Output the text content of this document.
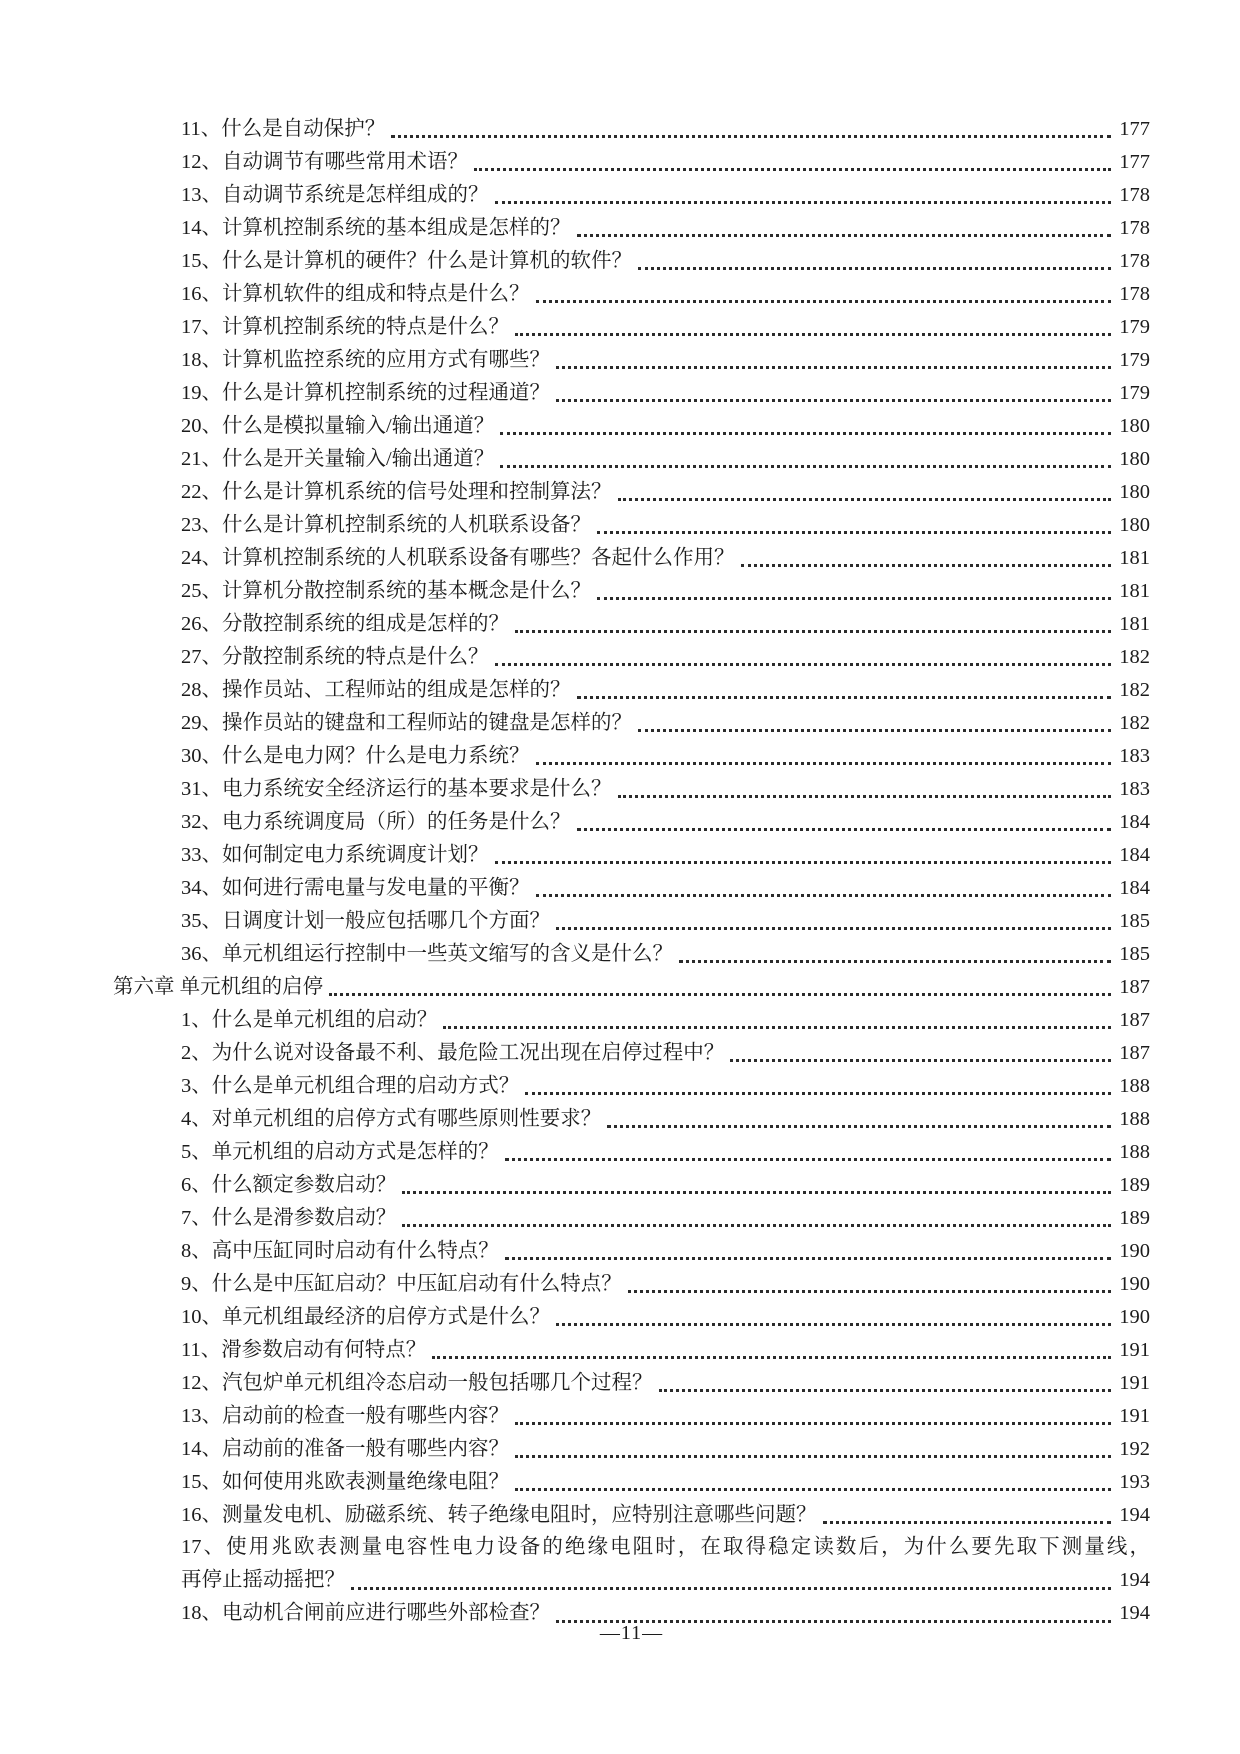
11、什么是自动保护？	177
12、自动调节有哪些常用术语？	177
13、自动调节系统是怎样组成的？	178
14、计算机控制系统的基本组成是怎样的？	178
15、什么是计算机的硬件？什么是计算机的软件？	178
16、计算机软件的组成和特点是什么？	178
17、计算机控制系统的特点是什么？	179
18、计算机监控系统的应用方式有哪些？	179
19、什么是计算机控制系统的过程通道？	179
20、什么是模拟量输入/输出通道？	180
21、什么是开关量输入/输出通道？	180
22、什么是计算机系统的信号处理和控制算法？	180
23、什么是计算机控制系统的人机联系设备？	180
24、计算机控制系统的人机联系设备有哪些？各起什么作用？	181
25、计算机分散控制系统的基本概念是什么？	181
26、分散控制系统的组成是怎样的？	181
27、分散控制系统的特点是什么？	182
28、操作员站、工程师站的组成是怎样的？	182
29、操作员站的键盘和工程师站的键盘是怎样的？	182
30、什么是电力网？什么是电力系统？	183
31、电力系统安全经济运行的基本要求是什么？	183
32、电力系统调度局（所）的任务是什么？	184
33、如何制定电力系统调度计划？	184
34、如何进行需电量与发电量的平衡？	184
35、日调度计划一般应包括哪几个方面？	185
36、单元机组运行控制中一些英文缩写的含义是什么？	185
第六章 单元机组的启停	187
1、什么是单元机组的启动？	187
2、为什么说对设备最不利、最危险工况出现在启停过程中？	187
3、什么是单元机组合理的启动方式？	188
4、对单元机组的启停方式有哪些原则性要求？	188
5、单元机组的启动方式是怎样的？	188
6、什么额定参数启动？	189
7、什么是滑参数启动？	189
8、高中压缸同时启动有什么特点？	190
9、什么是中压缸启动？中压缸启动有什么特点？	190
10、单元机组最经济的启停方式是什么？	190
11、滑参数启动有何特点？	191
12、汽包炉单元机组冷态启动一般包括哪几个过程？	191
13、启动前的检查一般有哪些内容？	191
14、启动前的准备一般有哪些内容？	192
15、如何使用兆欧表测量绝缘电阻？	193
16、测量发电机、励磁系统、转子绝缘电阻时，应特别注意哪些问题？	194
17、使用兆欧表测量电容性电力设备的绝缘电阻时，在取得稳定读数后，为什么要先取下测量线，
再停止摇动摇把？	194
18、电动机合闸前应进行哪些外部检查？	194
—11—
